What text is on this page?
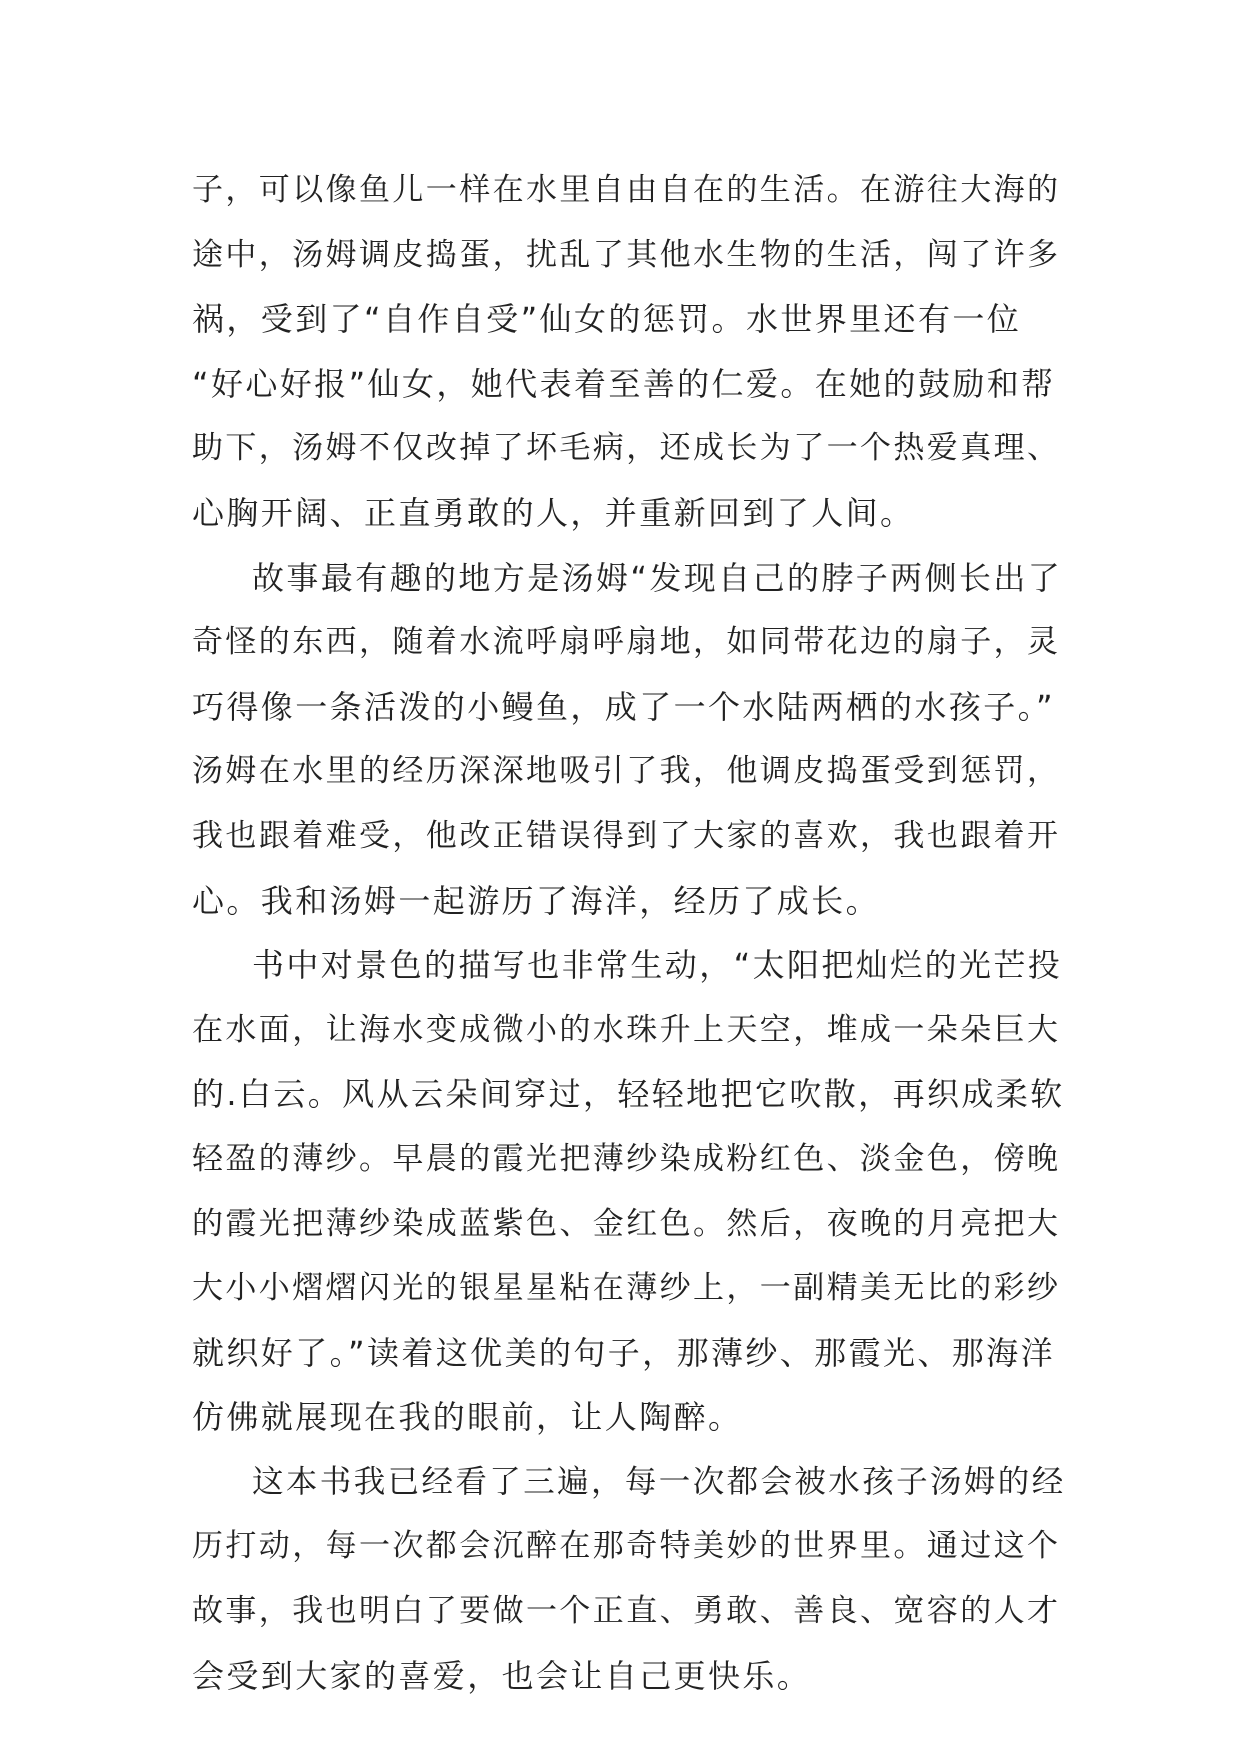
子，可以像鱼儿一样在水里自由自在的生活。在游往大海的
途中，汤姆调皮捣蛋，扰乱了其他水生物的生活，闯了许多
祸，受到了“自作自受”仙女的惩罚。水世界里还有一位
“好心好报”仙女，她代表着至善的仁爱。在她的鼓励和帮
助下，汤姆不仅改掉了坏毛病，还成长为了一个热爱真理、
心胸开阔、正直勇敢的人，并重新回到了人间。
故事最有趣的地方是汤姆“发现自己的脖子两侧长出了
奇怪的东西，随着水流呼扇呼扇地，如同带花边的扇子，灵
巧得像一条活泼的小鳗鱼，成了一个水陆两栖的水孩子。”
汤姆在水里的经历深深地吸引了我，他调皮捣蛋受到惩罚，
我也跟着难受，他改正错误得到了大家的喜欢，我也跟着开
心。我和汤姆一起游历了海洋，经历了成长。
书中对景色的描写也非常生动，“太阳把灿烂的光芒投
在水面，让海水变成微小的水珠升上天空，堆成一朵朵巨大
的.白云。风从云朵间穿过，轻轻地把它吹散，再织成柔软
轻盈的薄纱。早晨的霞光把薄纱染成粉红色、淡金色，傍晚
的霞光把薄纱染成蓝紫色、金红色。然后，夜晚的月亮把大
大小小熠熠闪光的银星星粘在薄纱上，一副精美无比的彩纱
就织好了。”读着这优美的句子，那薄纱、那霞光、那海洋
仿佛就展现在我的眼前，让人陶醉。
这本书我已经看了三遍，每一次都会被水孩子汤姆的经
历打动，每一次都会沉醉在那奇特美妙的世界里。通过这个
故事，我也明白了要做一个正直、勇敢、善良、宽容的人才
会受到大家的喜爱，也会让自己更快乐。
